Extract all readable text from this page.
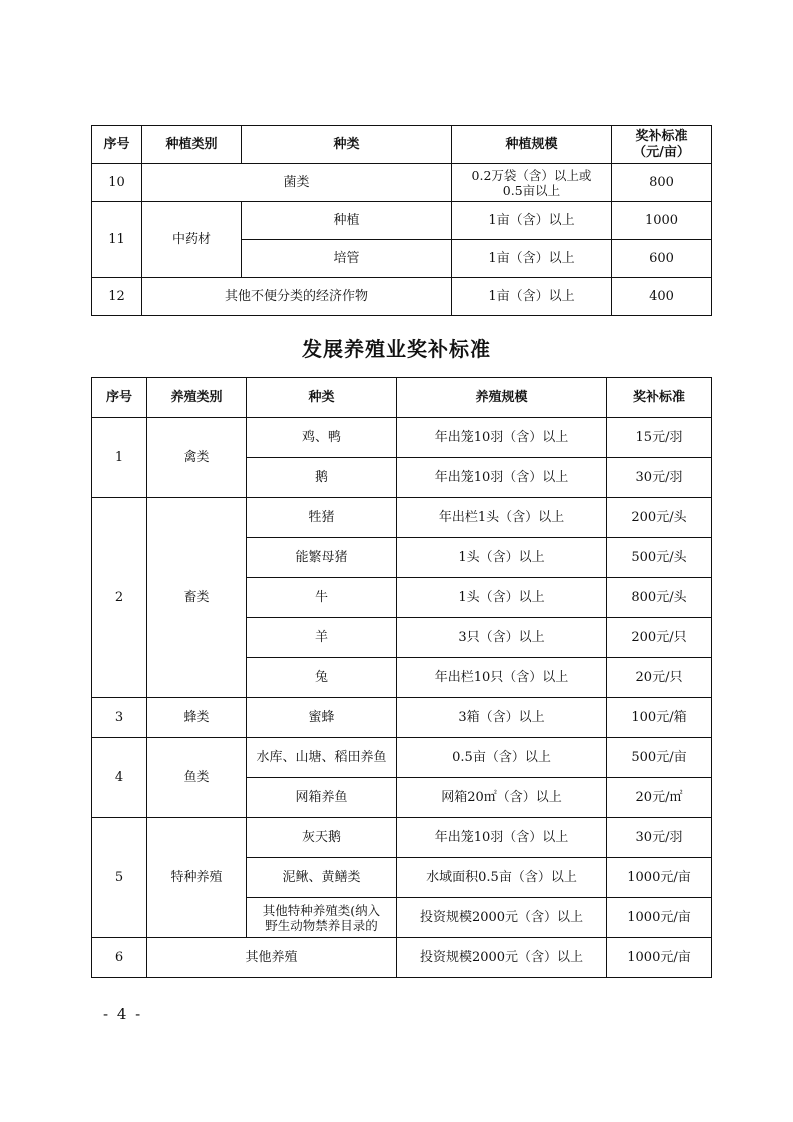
序号	种植类别	种类	种植规模	奖补标准
（元/亩）

10	菌类		0.2万袋（含）以上或
0.5亩以上	800
11	中药材	种植	1亩（含）以上	1000
		培管	1亩（含）以上	600
12	其他不便分类的经济作物		1亩（含）以上	400
发展养殖业奖补标准
序号	养殖类别	种类	养殖规模	奖补标准
1	禽类	鸡、鸭	年出笼10羽（含）以上	15元/羽
		鹅	年出笼10羽（含）以上	30元/羽
2	畜类	牲猪	年出栏1头（含）以上	200元/头
		能繁母猪	1头（含）以上	500元/头
		牛	1头（含）以上	800元/头
		羊	3只（含）以上	200元/只
		兔	年出栏10只（含）以上	20元/只
3	蜂类	蜜蜂	3箱（含）以上	100元/箱
4	鱼类	水库、山塘、稻田养鱼	0.5亩（含）以上	500元/亩
		网箱养鱼	网箱20㎡（含）以上	20元/㎡
5	特种养殖	灰天鹅	年出笼10羽（含）以上	30元/羽
		泥鳅、黄鳝类	水域面积0.5亩（含）以上	1000元/亩

		其他特种养殖类(纳入
野生动物禁养目录的	投资规模2000元（含）以上	1000元/亩
6	其他养殖		投资规模2000元（含）以上	1000元/亩
- 4 -
